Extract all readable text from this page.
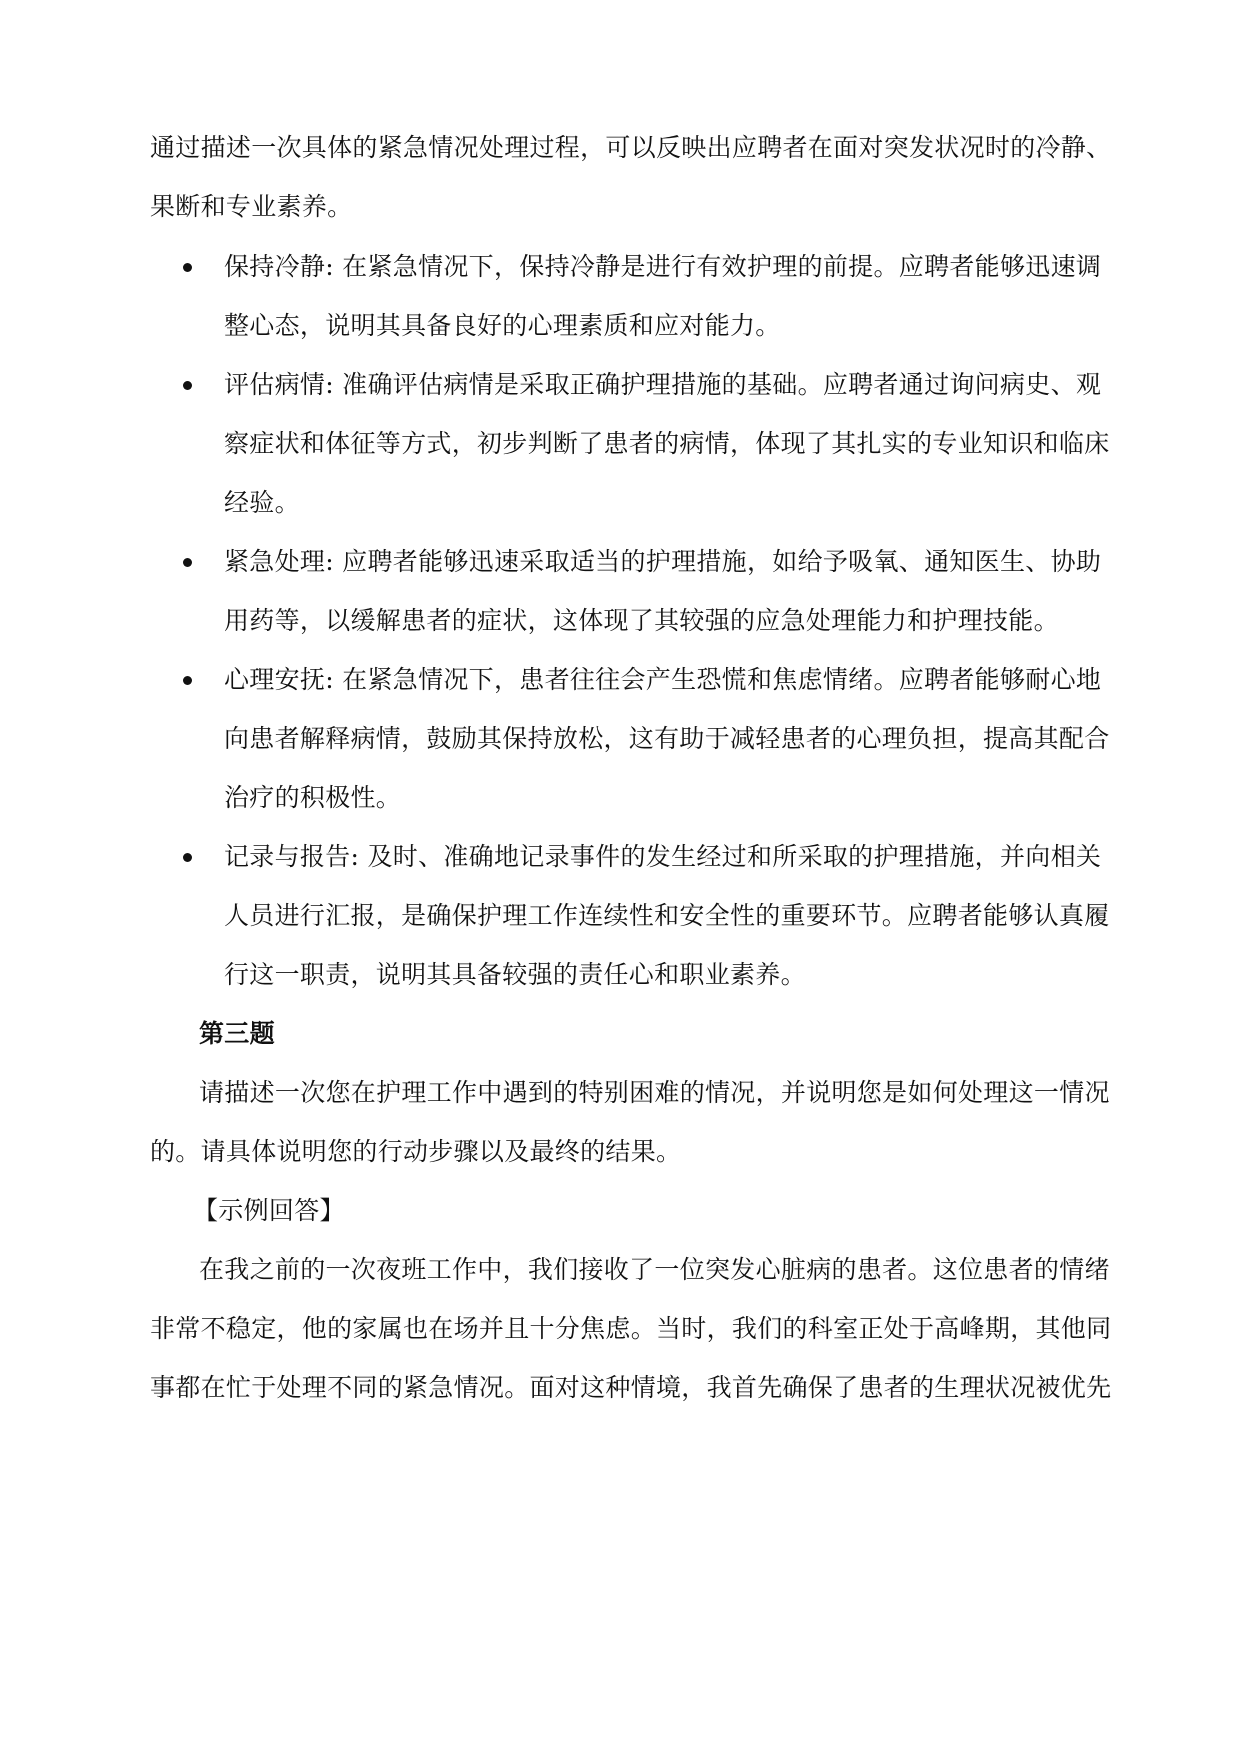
通过描述一次具体的紧急情况处理过程，可以反映出应聘者在面对突发状况时的冷静、
果断和专业素养。
保持冷静: 在紧急情况下，保持冷静是进行有效护理的前提。应聘者能够迅速调
整心态，说明其具备良好的心理素质和应对能力。
评估病情: 准确评估病情是采取正确护理措施的基础。应聘者通过询问病史、观
察症状和体征等方式，初步判断了患者的病情，体现了其扎实的专业知识和临床
经验。
紧急处理: 应聘者能够迅速采取适当的护理措施，如给予吸氧、通知医生、协助
用药等，以缓解患者的症状，这体现了其较强的应急处理能力和护理技能。
心理安抚: 在紧急情况下，患者往往会产生恐慌和焦虑情绪。应聘者能够耐心地
向患者解释病情，鼓励其保持放松，这有助于减轻患者的心理负担，提高其配合
治疗的积极性。
记录与报告: 及时、准确地记录事件的发生经过和所采取的护理措施，并向相关
人员进行汇报，是确保护理工作连续性和安全性的重要环节。应聘者能够认真履
行这一职责，说明其具备较强的责任心和职业素养。
第三题
请描述一次您在护理工作中遇到的特别困难的情况，并说明您是如何处理这一情况
的。请具体说明您的行动步骤以及最终的结果。
【示例回答】
在我之前的一次夜班工作中，我们接收了一位突发心脏病的患者。这位患者的情绪
非常不稳定，他的家属也在场并且十分焦虑。当时，我们的科室正处于高峰期，其他同
事都在忙于处理不同的紧急情况。面对这种情境，我首先确保了患者的生理状况被优先
